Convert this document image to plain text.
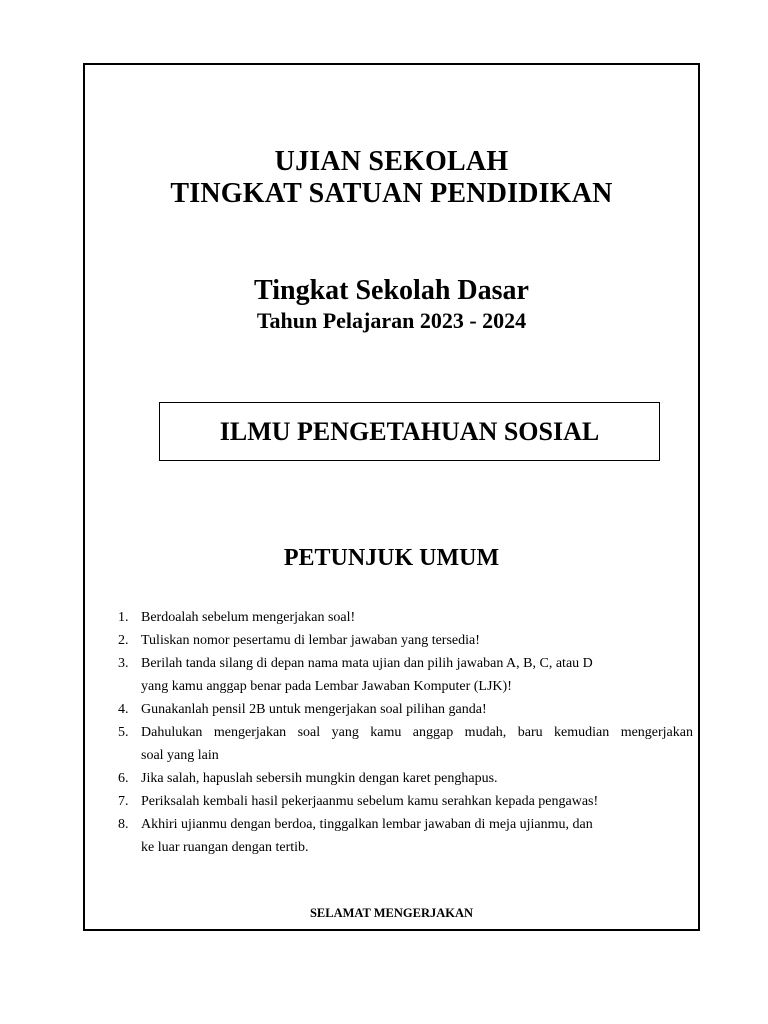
UJIAN SEKOLAH
TINGKAT SATUAN PENDIDIKAN
Tingkat Sekolah Dasar
Tahun Pelajaran 2023 - 2024
ILMU PENGETAHUAN SOSIAL
PETUNJUK UMUM
1. Berdoalah sebelum mengerjakan soal!
2. Tuliskan nomor pesertamu di lembar jawaban yang tersedia!
3. Berilah tanda silang di depan nama mata ujian dan pilih jawaban A, B, C, atau D
yang kamu anggap benar pada Lembar Jawaban Komputer (LJK)!
4. Gunakanlah pensil 2B untuk mengerjakan soal pilihan ganda!
5. Dahulukan mengerjakan soal yang kamu anggap mudah, baru kemudian mengerjakan
soal yang lain
6. Jika salah, hapuslah sebersih mungkin dengan karet penghapus.
7. Periksalah kembali hasil pekerjaanmu sebelum kamu serahkan kepada pengawas!
8. Akhiri ujianmu dengan berdoa, tinggalkan lembar jawaban di meja ujianmu, dan
ke luar ruangan dengan tertib.
SELAMAT MENGERJAKAN
